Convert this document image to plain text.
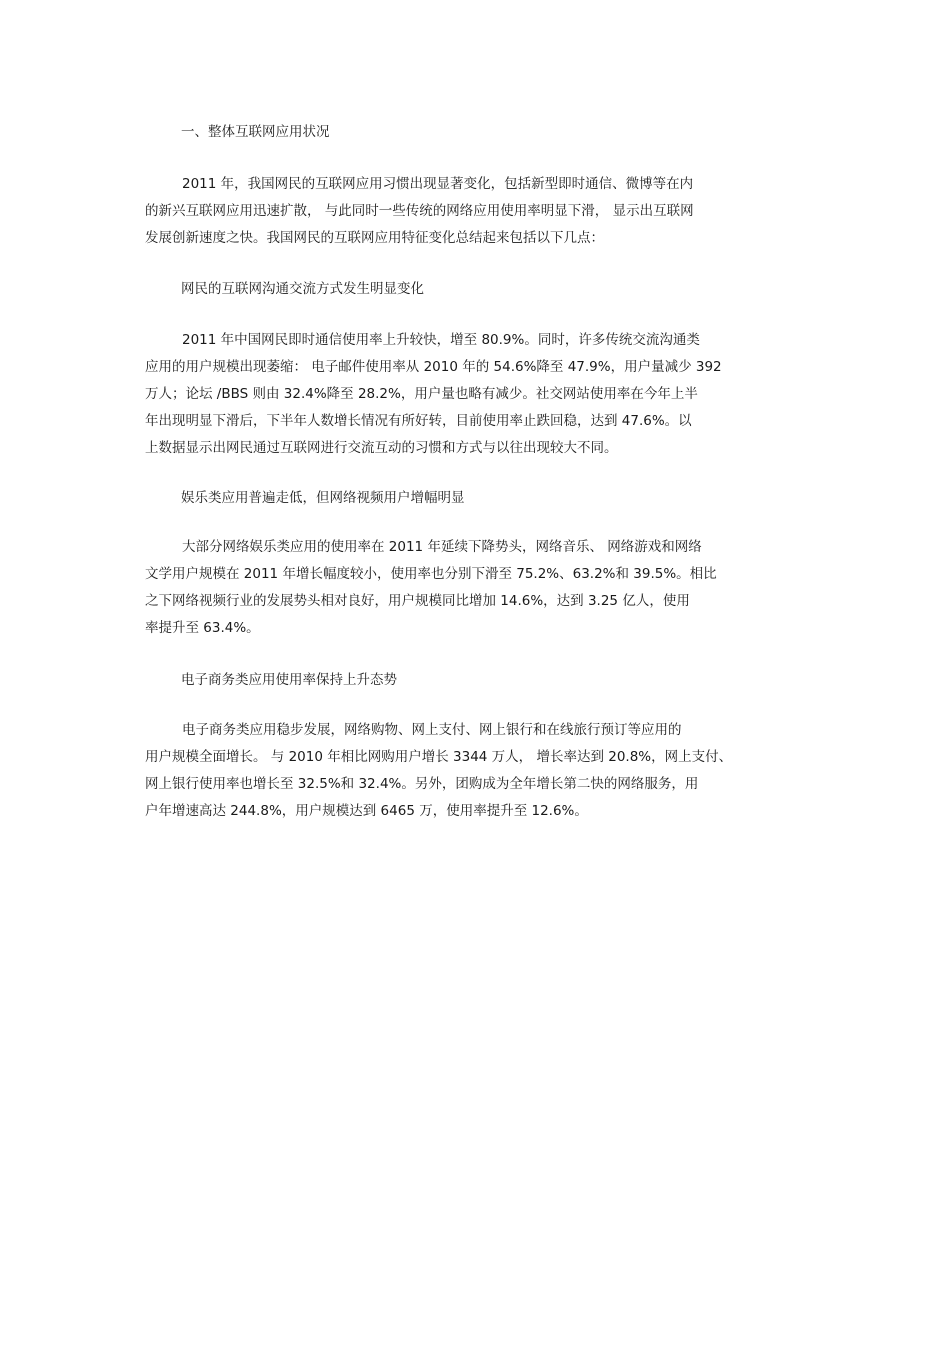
一、整体互联网应用状况
2011 年，我国网民的互联网应用习惯出现显著变化，包括新型即时通信、微博等在内
的新兴互联网应用迅速扩散， 与此同时一些传统的网络应用使用率明显下滑， 显示出互联网
发展创新速度之快。我国网民的互联网应用特征变化总结起来包括以下几点：
网民的互联网沟通交流方式发生明显变化
2011 年中国网民即时通信使用率上升较快，增至 80.9%。同时，许多传统交流沟通类
应用的用户规模出现萎缩： 电子邮件使用率从 2010 年的 54.6%降至 47.9%，用户量减少 392
万人；论坛 /BBS 则由 32.4%降至 28.2%，用户量也略有减少。社交网站使用率在今年上半
年出现明显下滑后，下半年人数增长情况有所好转，目前使用率止跌回稳，达到 47.6%。以
上数据显示出网民通过互联网进行交流互动的习惯和方式与以往出现较大不同。
娱乐类应用普遍走低，但网络视频用户增幅明显
大部分网络娱乐类应用的使用率在 2011 年延续下降势头，网络音乐、 网络游戏和网络
文学用户规模在 2011 年增长幅度较小，使用率也分别下滑至 75.2%、63.2%和 39.5%。相比
之下网络视频行业的发展势头相对良好，用户规模同比增加 14.6%，达到 3.25 亿人，使用
率提升至 63.4%。
电子商务类应用使用率保持上升态势
电子商务类应用稳步发展，网络购物、网上支付、网上银行和在线旅行预订等应用的
用户规模全面增长。 与 2010 年相比网购用户增长 3344 万人， 增长率达到 20.8%，网上支付、
网上银行使用率也增长至 32.5%和 32.4%。另外，团购成为全年增长第二快的网络服务，用
户年增速高达 244.8%，用户规模达到 6465 万，使用率提升至 12.6%。
